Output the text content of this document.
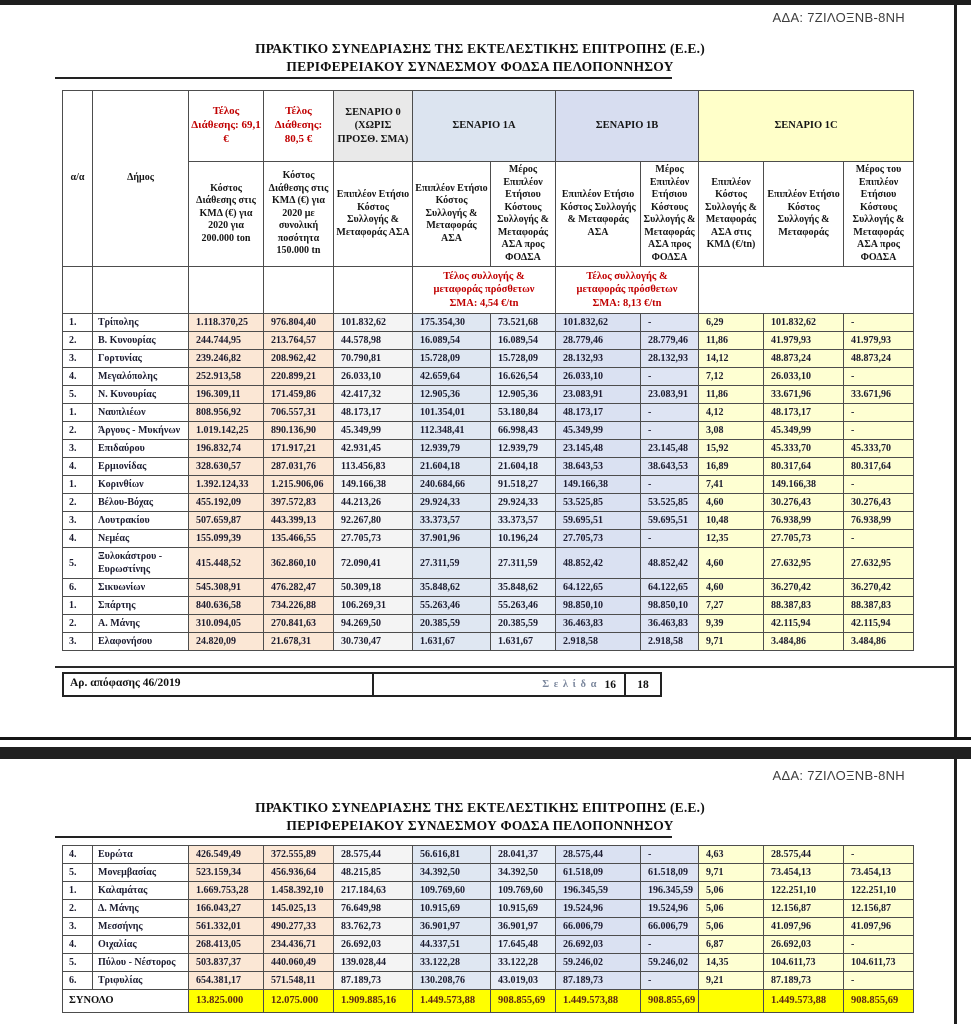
ΑΔΑ: 7ΖΙΛΟΞΝΒ-8ΝΗ
ΠΡΑΚΤΙΚΟ ΣΥΝΕΔΡΙΑΣΗΣ ΤΗΣ ΕΚΤΕΛΕΣΤΙΚΗΣ ΕΠΙΤΡΟΠΗΣ (Ε.Ε.)
ΠΕΡΙΦΕΡΕΙΑΚΟΥ ΣΥΝΔΕΣΜΟΥ ΦΟΔΣΑ ΠΕΛΟΠΟΝΝΗΣΟΥ
α/α	Δήμος	Τέλος Διάθεσης: 69,1 €	Τέλος Διάθεσης: 80,5 €	ΣΕΝΑΡΙΟ 0 (ΧΩΡΙΣ ΠΡΟΣΘ. ΣΜΑ)	ΣΕΝΑΡΙΟ 1Α		ΣΕΝΑΡΙΟ 1Β		ΣΕΝΑΡΙΟ 1C		
		Κόστος Διάθεσης στις ΚΜΔ (€) για 2020 για 200.000 ton	Κόστος Διάθεσης στις ΚΜΔ (€) για 2020 με συνολική ποσότητα 150.000 tn	Επιπλέον Ετήσιο Κόστος Συλλογής & Μεταφοράς ΑΣΑ	Επιπλέον Ετήσιο Κόστος Συλλογής & Μεταφοράς ΑΣΑ	Μέρος Επιπλέον Ετήσιου Κόστους Συλλογής & Μεταφοράς ΑΣΑ προς ΦΟΔΣΑ	Επιπλέον Ετήσιο Κόστος Συλλογής & Μεταφοράς ΑΣΑ	Μέρος Επιπλέον Ετήσιου Κόστους Συλλογής & Μεταφοράς ΑΣΑ προς ΦΟΔΣΑ	Επιπλέον Κόστος Συλλογής & Μεταφοράς ΑΣΑ στις ΚΜΔ (€/tn)	Επιπλέον Ετήσιο Κόστος Συλλογής & Μεταφοράς	Μέρος του Επιπλέον Ετήσιου Κόστους Συλλογής & Μεταφοράς ΑΣΑ προς ΦΟΔΣΑ
					Τέλος συλλογής & μεταφοράς πρόσθετων ΣΜΑ: 4,54 €/tn		Τέλος συλλογής & μεταφοράς πρόσθετων ΣΜΑ: 8,13 €/tn				
1.	Τρίπολης	1.118.370,25	976.804,40	101.832,62	175.354,30	73.521,68	101.832,62	-	6,29	101.832,62	-
2.	Β. Κυνουρίας	244.744,95	213.764,57	44.578,98	16.089,54	16.089,54	28.779,46	28.779,46	11,86	41.979,93	41.979,93
3.	Γορτυνίας	239.246,82	208.962,42	70.790,81	15.728,09	15.728,09	28.132,93	28.132,93	14,12	48.873,24	48.873,24
4.	Μεγαλόπολης	252.913,58	220.899,21	26.033,10	42.659,64	16.626,54	26.033,10	-	7,12	26.033,10	-
5.	Ν. Κυνουρίας	196.309,11	171.459,86	42.417,32	12.905,36	12.905,36	23.083,91	23.083,91	11,86	33.671,96	33.671,96
1.	Ναυπλιέων	808.956,92	706.557,31	48.173,17	101.354,01	53.180,84	48.173,17	-	4,12	48.173,17	-
2.	Άργους - Μυκήνων	1.019.142,25	890.136,90	45.349,99	112.348,41	66.998,43	45.349,99	-	3,08	45.349,99	-
3.	Επιδαύρου	196.832,74	171.917,21	42.931,45	12.939,79	12.939,79	23.145,48	23.145,48	15,92	45.333,70	45.333,70
4.	Ερμιονίδας	328.630,57	287.031,76	113.456,83	21.604,18	21.604,18	38.643,53	38.643,53	16,89	80.317,64	80.317,64
1.	Κορινθίων	1.392.124,33	1.215.906,06	149.166,38	240.684,66	91.518,27	149.166,38	-	7,41	149.166,38	-
2.	Βέλου-Βόχας	455.192,09	397.572,83	44.213,26	29.924,33	29.924,33	53.525,85	53.525,85	4,60	30.276,43	30.276,43
3.	Λουτρακίου	507.659,87	443.399,13	92.267,80	33.373,57	33.373,57	59.695,51	59.695,51	10,48	76.938,99	76.938,99
4.	Νεμέας	155.099,39	135.466,55	27.705,73	37.901,96	10.196,24	27.705,73	-	12,35	27.705,73	-
5.	Ξυλοκάστρου - Ευρωστίνης	415.448,52	362.860,10	72.090,41	27.311,59	27.311,59	48.852,42	48.852,42	4,60	27.632,95	27.632,95
6.	Σικυωνίων	545.308,91	476.282,47	50.309,18	35.848,62	35.848,62	64.122,65	64.122,65	4,60	36.270,42	36.270,42
1.	Σπάρτης	840.636,58	734.226,88	106.269,31	55.263,46	55.263,46	98.850,10	98.850,10	7,27	88.387,83	88.387,83
2.	Α. Μάνης	310.094,05	270.841,63	94.269,50	20.385,59	20.385,59	36.463,83	36.463,83	9,39	42.115,94	42.115,94
3.	Ελαφονήσου	24.820,09	21.678,31	30.730,47	1.631,67	1.631,67	2.918,58	2.918,58	9,71	3.484,86	3.484,86
Αρ. απόφασης 46/2019	Σ ε λ ί δ α 16	18
ΑΔΑ: 7ΖΙΛΟΞΝΒ-8ΝΗ
ΠΡΑΚΤΙΚΟ ΣΥΝΕΔΡΙΑΣΗΣ ΤΗΣ ΕΚΤΕΛΕΣΤΙΚΗΣ ΕΠΙΤΡΟΠΗΣ (Ε.Ε.)
ΠΕΡΙΦΕΡΕΙΑΚΟΥ ΣΥΝΔΕΣΜΟΥ ΦΟΔΣΑ ΠΕΛΟΠΟΝΝΗΣΟΥ
4.	Ευρώτα	426.549,49	372.555,89	28.575,44	56.616,81	28.041,37	28.575,44	-	4,63	28.575,44	-
5.	Μονεμβασίας	523.159,34	456.936,64	48.215,85	34.392,50	34.392,50	61.518,09	61.518,09	9,71	73.454,13	73.454,13
1.	Καλαμάτας	1.669.753,28	1.458.392,10	217.184,63	109.769,60	109.769,60	196.345,59	196.345,59	5,06	122.251,10	122.251,10
2.	Δ. Μάνης	166.043,27	145.025,13	76.649,98	10.915,69	10.915,69	19.524,96	19.524,96	5,06	12.156,87	12.156,87
3.	Μεσσήνης	561.332,01	490.277,33	83.762,73	36.901,97	36.901,97	66.006,79	66.006,79	5,06	41.097,96	41.097,96
4.	Οιχαλίας	268.413,05	234.436,71	26.692,03	44.337,51	17.645,48	26.692,03	-	6,87	26.692,03	-
5.	Πύλου - Νέστορος	503.837,37	440.060,49	139.028,44	33.122,28	33.122,28	59.246,02	59.246,02	14,35	104.611,73	104.611,73
6.	Τριφυλίας	654.381,17	571.548,11	87.189,73	130.208,76	43.019,03	87.189,73	-	9,21	87.189,73	-
ΣΥΝΟΛΟ		13.825.000	12.075.000	1.909.885,16	1.449.573,88	908.855,69	1.449.573,88	908.855,69		1.449.573,88	908.855,69
